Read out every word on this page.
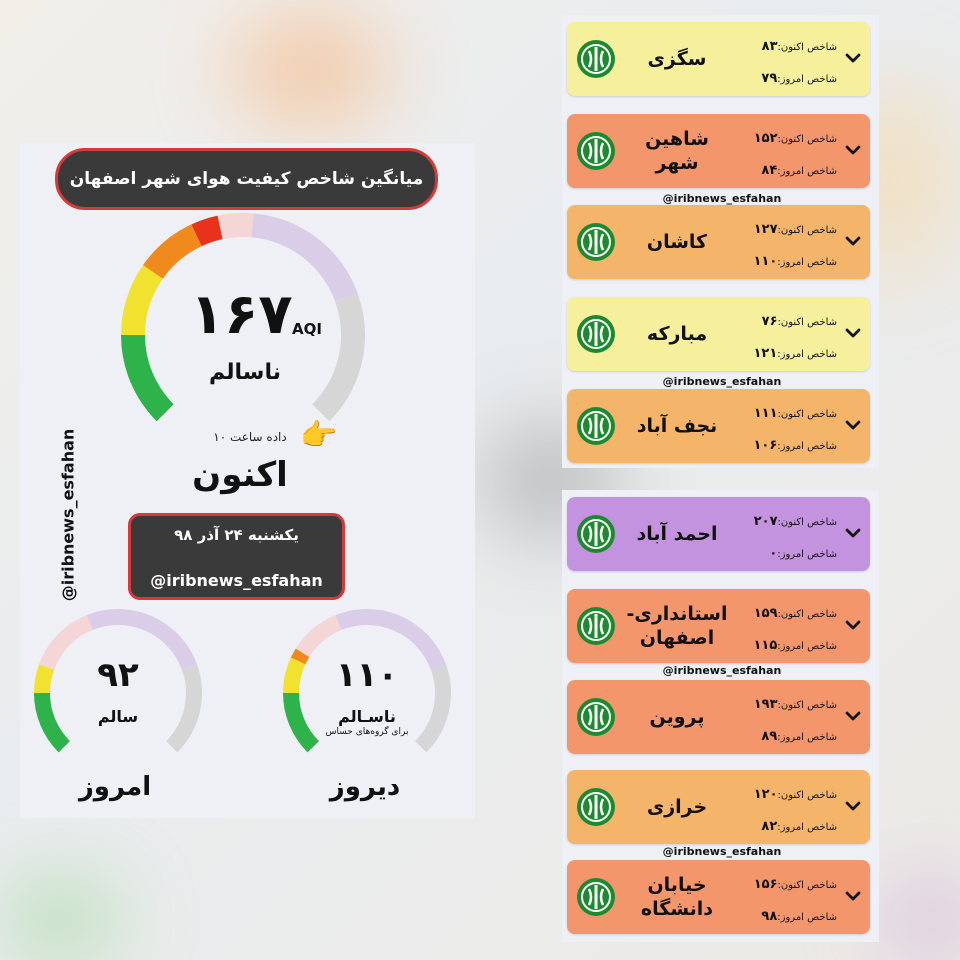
میانگین شاخص کیفیت هوای شهر اصفهان
۱۶۷ AQI
ناسالم
داده ساعت ۱۰ 👉
اکنون
یکشنبه ۲۴ آذر ۹۸
@iribnews_esfahan
@iribnews_esfahan
۹۲
سالم
امروز
۱۱۰
ناسـالم
برای گروه‌های حساس
دیروز
سگزی
شاخص اکنون:۸۳
شاخص امروز:۷۹
شاهین شهر
شاخص اکنون:۱۵۲
شاخص امروز:۸۴
کاشان
شاخص اکنون:۱۲۷
شاخص امروز:۱۱۰
مبارکه
شاخص اکنون:۷۶
شاخص امروز:۱۲۱
نجف آباد
شاخص اکنون:۱۱۱
شاخص امروز:۱۰۶
احمد آباد
شاخص اکنون:۲۰۷
شاخص امروز:۰
استانداری- اصفهان
شاخص اکنون:۱۵۹
شاخص امروز:۱۱۵
پروین
شاخص اکنون:۱۹۳
شاخص امروز:۸۹
خرازی
شاخص اکنون:۱۲۰
شاخص امروز:۸۲
خیابان دانشگاه
شاخص اکنون:۱۵۶
شاخص امروز:۹۸
@iribnews_esfahan
@iribnews_esfahan
@iribnews_esfahan
@iribnews_esfahan
